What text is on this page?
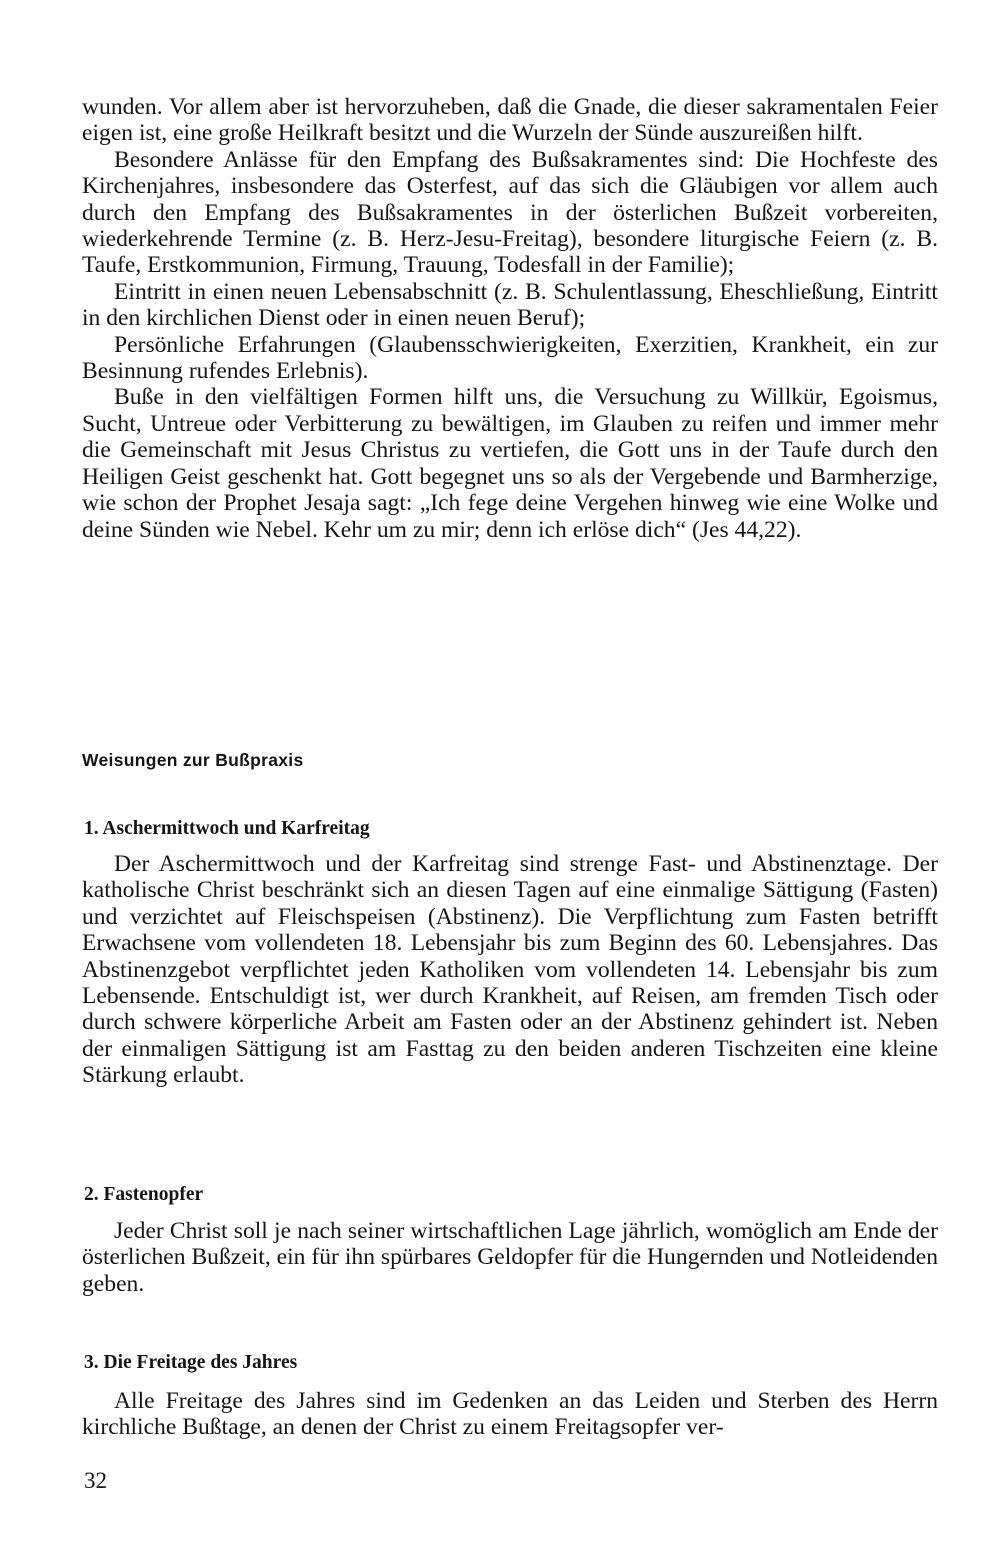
wunden. Vor allem aber ist hervorzuheben, daß die Gnade, die dieser sakramentalen Feier eigen ist, eine große Heilkraft besitzt und die Wurzeln der Sünde auszureißen hilft.

Besondere Anlässe für den Empfang des Bußsakramentes sind: Die Hochfeste des Kirchenjahres, insbesondere das Osterfest, auf das sich die Gläubigen vor allem auch durch den Empfang des Bußsakramentes in der österlichen Bußzeit vorbereiten, wiederkehrende Termine (z. B. Herz-Jesu-Freitag), besondere liturgische Feiern (z. B. Taufe, Erstkommunion, Firmung, Trauung, Todesfall in der Familie);

Eintritt in einen neuen Lebensabschnitt (z. B. Schulentlassung, Eheschließung, Eintritt in den kirchlichen Dienst oder in einen neuen Beruf);

Persönliche Erfahrungen (Glaubensschwierigkeiten, Exerzitien, Krankheit, ein zur Besinnung rufendes Erlebnis).

Buße in den vielfältigen Formen hilft uns, die Versuchung zu Willkür, Egoismus, Sucht, Untreue oder Verbitterung zu bewältigen, im Glauben zu reifen und immer mehr die Gemeinschaft mit Jesus Christus zu vertiefen, die Gott uns in der Taufe durch den Heiligen Geist geschenkt hat. Gott begegnet uns so als der Vergebende und Barmherzige, wie schon der Prophet Jesaja sagt: „Ich fege deine Vergehen hinweg wie eine Wolke und deine Sünden wie Nebel. Kehr um zu mir; denn ich erlöse dich“ (Jes 44,22).

Weisungen zur Bußpraxis
1. Aschermittwoch und Karfreitag

Der Aschermittwoch und der Karfreitag sind strenge Fast- und Abstinenztage. Der katholische Christ beschränkt sich an diesen Tagen auf eine einmalige Sättigung (Fasten) und verzichtet auf Fleischspeisen (Abstinenz). Die Verpflichtung zum Fasten betrifft Erwachsene vom vollendeten 18. Lebensjahr bis zum Beginn des 60. Lebensjahres. Das Abstinenzgebot verpflichtet jeden Katholiken vom vollendeten 14. Lebensjahr bis zum Lebensende. Entschuldigt ist, wer durch Krankheit, auf Reisen, am fremden Tisch oder durch schwere körperliche Arbeit am Fasten oder an der Abstinenz gehindert ist. Neben der einmaligen Sättigung ist am Fasttag zu den beiden anderen Tischzeiten eine kleine Stärkung erlaubt.

2. Fastenopfer

Jeder Christ soll je nach seiner wirtschaftlichen Lage jährlich, womöglich am Ende der österlichen Bußzeit, ein für ihn spürbares Geldopfer für die Hungernden und Notleidenden geben.

3. Die Freitage des Jahres

Alle Freitage des Jahres sind im Gedenken an das Leiden und Sterben des Herrn kirchliche Bußtage, an denen der Christ zu einem Freitagsopfer ver-

32
